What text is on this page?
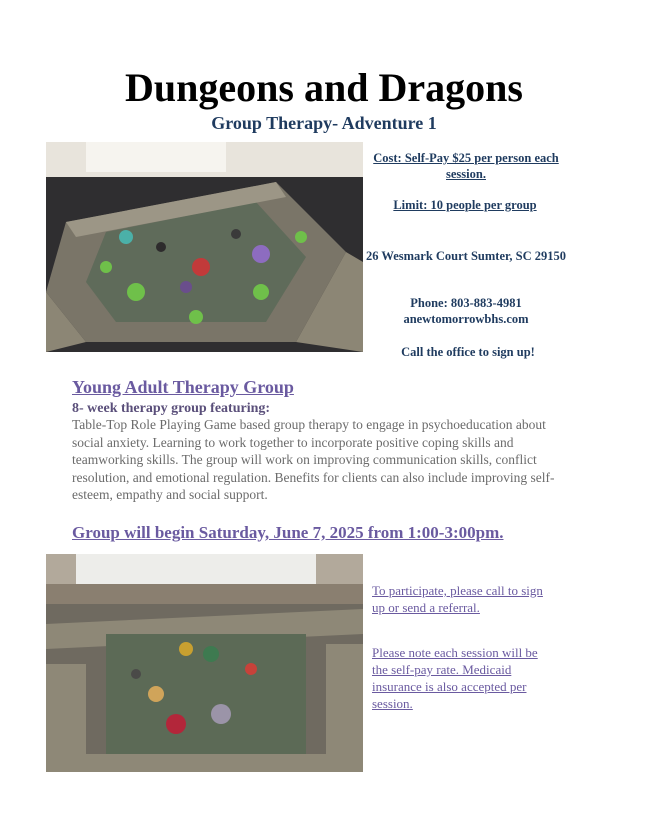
Dungeons and Dragons
Group Therapy- Adventure 1
Cost: Self-Pay $25 per person each session.
Limit: 10 people per group
26 Wesmark Court Sumter, SC 29150
Phone: 803-883-4981
anewtomorrowbhs.com
Call the office to sign up!
Young Adult Therapy Group
8- week therapy group featuring:
Table-Top Role Playing Game based group therapy to engage in psychoeducation about social anxiety. Learning to work together to incorporate positive coping skills and teamworking skills. The group will work on improving communication skills, conflict resolution, and emotional regulation. Benefits for clients can also include improving self-esteem, empathy and social support.
Group will begin Saturday, June 7, 2025 from 1:00-3:00pm.
To participate, please call to sign up or send a referral.
Please note each session will be the self-pay rate. Medicaid insurance is also accepted per session.
